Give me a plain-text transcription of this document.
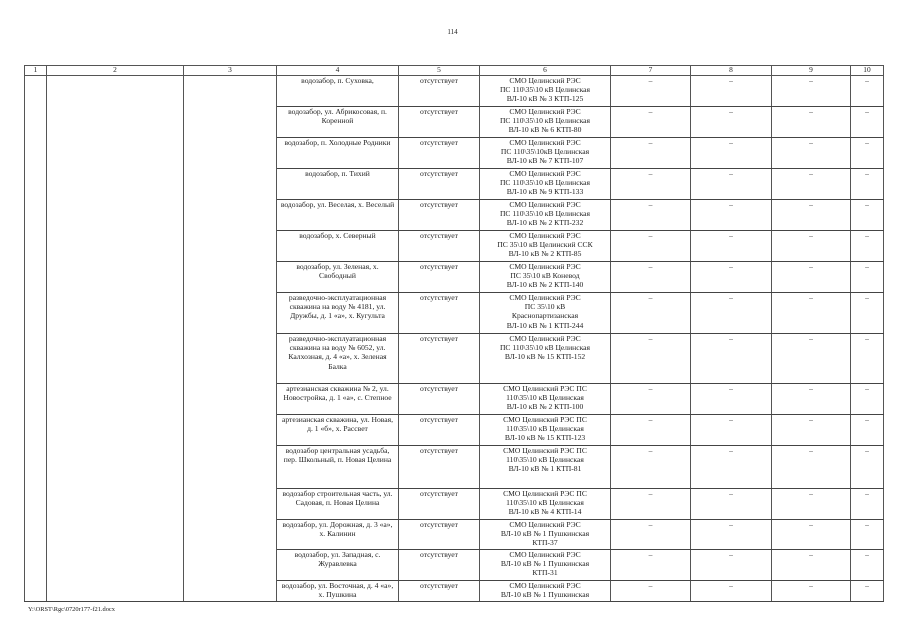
114
1	2	3	4	5	6	7	8	9	10
			водозабор, п. Суховка,	отсутствует	СМО Целинский РЭС
ПС 110\35\10 кВ Целинская
ВЛ-10 кВ № 3 КТП-125	–	–	–	–
			водозабор, ул. Абрикосовая, п. Коренной	отсутствует	СМО Целинский РЭС
ПС 110\35\10 кВ Целинская
ВЛ-10 кВ № 6 КТП-80	–	–	–	–
			водозабор, п. Холодные Родники	отсутствует	СМО Целинский РЭС
ПС 110\35\10кВ Целинская
ВЛ-10 кВ № 7 КТП-107	–	–	–	–
			водозабор, п. Тихий	отсутствует	СМО Целинский РЭС
ПС 110\35\10 кВ Целинская
ВЛ-10 кВ № 9 КТП-133	–	–	–	–
			водозабор, ул. Веселая, х. Веселый	отсутствует	СМО Целинский РЭС
ПС 110\35\10 кВ Целинская
ВЛ-10 кВ № 2 КТП-232	–	–	–	–
			водозабор, х. Северный	отсутствует	СМО Целинский РЭС
ПС 35\10 кВ Целинский ССК
ВЛ-10 кВ № 2 КТП-85	–	–	–	–
			водозабор, ул. Зеленая, х. Свободный	отсутствует	СМО Целинский РЭС
ПС 35\10 кВ Коневод
ВЛ-10 кВ № 2 КТП-140	–	–	–	–
			разведочно-эксплуатационная скважина на воду № 4181, ул. Дружбы, д. 1 «а», х. Кугульта	отсутствует	СМО Целинский РЭС
ПС 35\10 кВ
Краснопартизанская
ВЛ-10 кВ № 1 КТП-244	–	–	–	–
			разведочно-эксплуатационная скважина на воду № 6052, ул. Калхозная, д. 4 «а», х. Зеленая Балка	отсутствует	СМО Целинский РЭС
ПС 110\35\10 кВ Целинская
ВЛ-10 кВ № 15 КТП-152	–	–	–	–
			артезианская скважина № 2, ул. Новостройка, д. 1 «а», с. Степное	отсутствует	СМО Целинский РЭС ПС
110\35\10 кВ Целинская
ВЛ-10 кВ № 2 КТП-100	–	–	–	–
			артезианская скважина, ул. Новая, д. 1 «б», х. Рассвет	отсутствует	СМО Целинский РЭС ПС
110\35\10 кВ Целинская
ВЛ-10 кВ № 15 КТП-123	–	–	–	–
			водозабор центральная усадьба, пер. Школьный, п. Новая Целина	отсутствует	СМО Целинский РЭС ПС
110\35\10 кВ Целинская
ВЛ-10 кВ № 1 КТП-81	–	–	–	–
			водозабор строительная часть, ул. Садовая, п. Новая Целина	отсутствует	СМО Целинский РЭС ПС
110\35\10 кВ Целинская
ВЛ-10 кВ № 4 КТП-14	–	–	–	–
			водозабор, ул. Дорожная, д. 3 «а», х. Калинин	отсутствует	СМО Целинский РЭС
ВЛ-10 кВ № 1 Пушкинская
КТП-37	–	–	–	–
			водозабор, ул. Западная, с. Журавлевка	отсутствует	СМО Целинский РЭС
ВЛ-10 кВ № 1 Пушкинская
КТП-31	–	–	–	–
			водозабор, ул. Восточная, д. 4 «а», х. Пушкина	отсутствует	СМО Целинский РЭС
ВЛ-10 кВ № 1 Пушкинская	–	–	–	–
Y:\ORST\Rgc\0720r177-f21.docx
